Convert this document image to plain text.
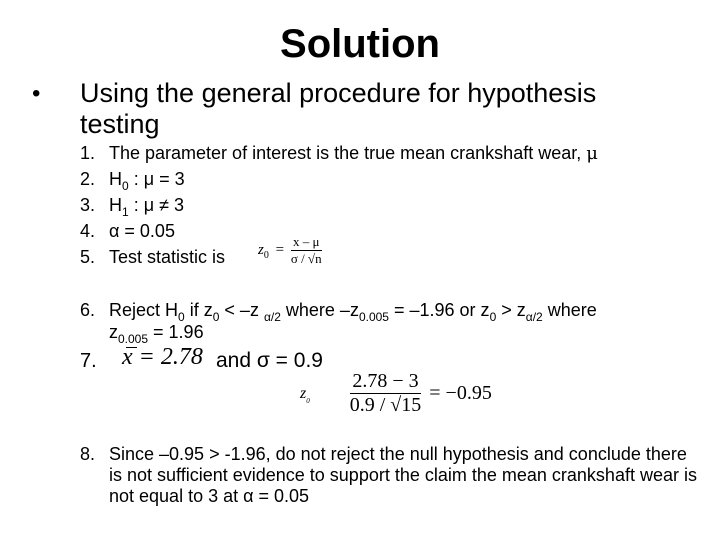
Solution
• Using the general procedure for hypothesis testing
1.
2.
3.
4.
5.
6.
7.
8.
The parameter of interest is the true mean crankshaft wear, μ
$H_0$ : μ = 3
$H_1$ : μ ≠ 3
α = 0.05
Test statistic is $z_0 = \frac{x - \mu}{\sigma / √n}$
Reject $H_0$ if $z_0 < -z$ $_{\alpha/2}$ where $-z_{0.005} = -1.96$ or $z_0 > z_{\alpha/2}$ where
$z_{0.005} = 1.96$
x = 2.78 and σ = 0.9
$z_0 \frac{2.78 - 3}{0.9 / √15} = -0.95$
Since –0.95 > -1.96, do not reject the null hypothesis and conclude there is not sufficient evidence to support the claim the mean crankshaft wear is not equal to 3 at α = 0.05
